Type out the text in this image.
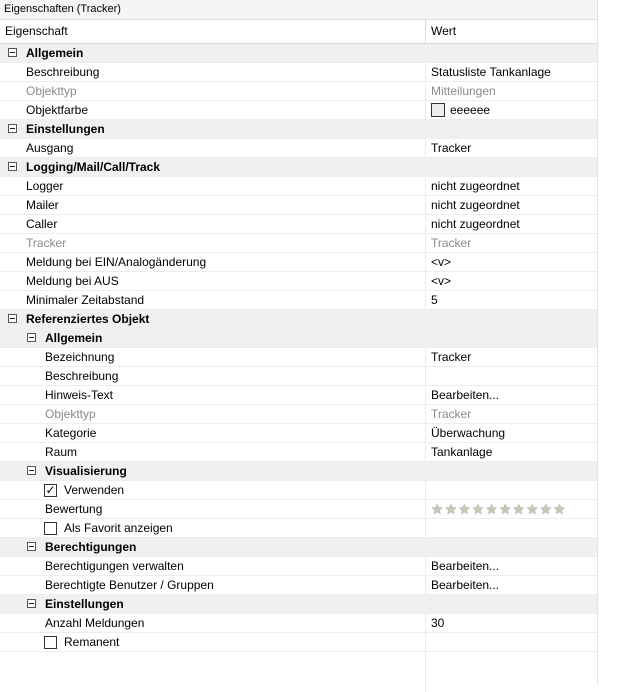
Eigenschaften (Tracker)
Eigenschaft	Wert
Allgemein
Beschreibung	Statusliste Tankanlage
Objekttyp	Mitteilungen
Objektfarbe	eeeeee
Einstellungen
Ausgang	Tracker
Logging/Mail/Call/Track
Logger	nicht zugeordnet
Mailer	nicht zugeordnet
Caller	nicht zugeordnet
Tracker	Tracker
Meldung bei EIN/Analogänderung	<v>
Meldung bei AUS	<v>
Minimaler Zeitabstand	5
Referenziertes Objekt
Allgemein
Bezeichnung	Tracker
Beschreibung
Hinweis-Text	Bearbeiten...
Objekttyp	Tracker
Kategorie	Überwachung
Raum	Tankanlage
Visualisierung
✓ Verwenden
Bewertung	★ ★ ★ ★ ★ ★ ★ ★ ★ ★
Als Favorit anzeigen
Berechtigungen
Berechtigungen verwalten	Bearbeiten...
Berechtigte Benutzer / Gruppen	Bearbeiten...
Einstellungen
Anzahl Meldungen	30
Remanent
